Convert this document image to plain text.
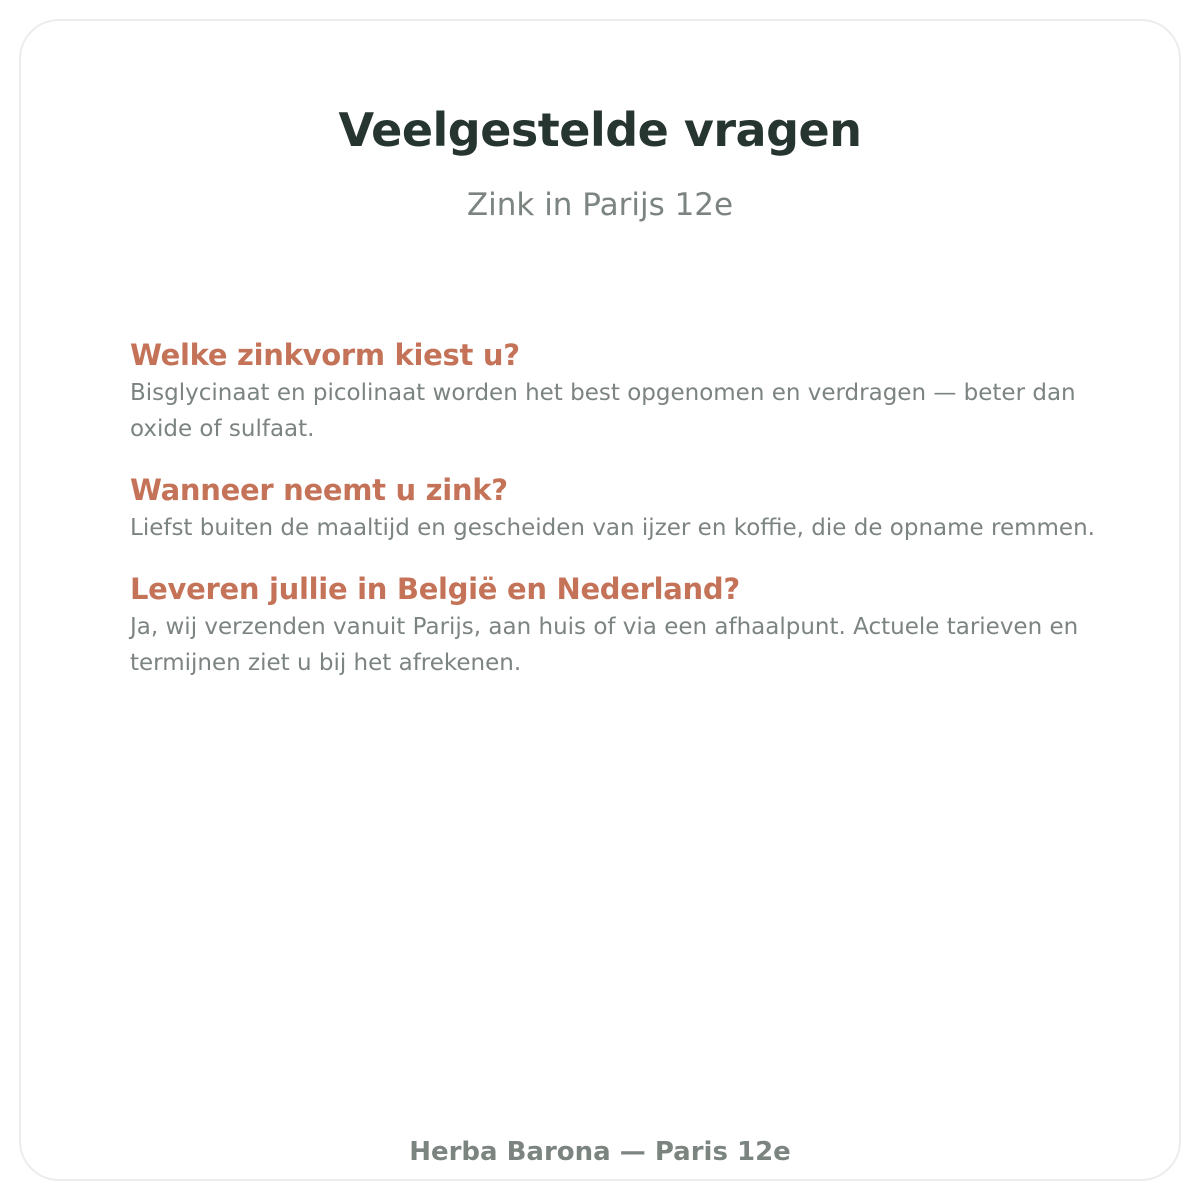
Veelgestelde vragen

Zink in Parijs 12e

Welke zinkvorm kiest u?

Bisglycinaat en picolinaat worden het best opgenomen en verdragen — beter dan oxide of sulfaat.

Wanneer neemt u zink?

Liefst buiten de maaltijd en gescheiden van ijzer en koffie, die de opname remmen.

Leveren jullie in België en Nederland?

Ja, wij verzenden vanuit Parijs, aan huis of via een afhaalpunt. Actuele tarieven en termijnen ziet u bij het afrekenen.

Herba Barona — Paris 12e
